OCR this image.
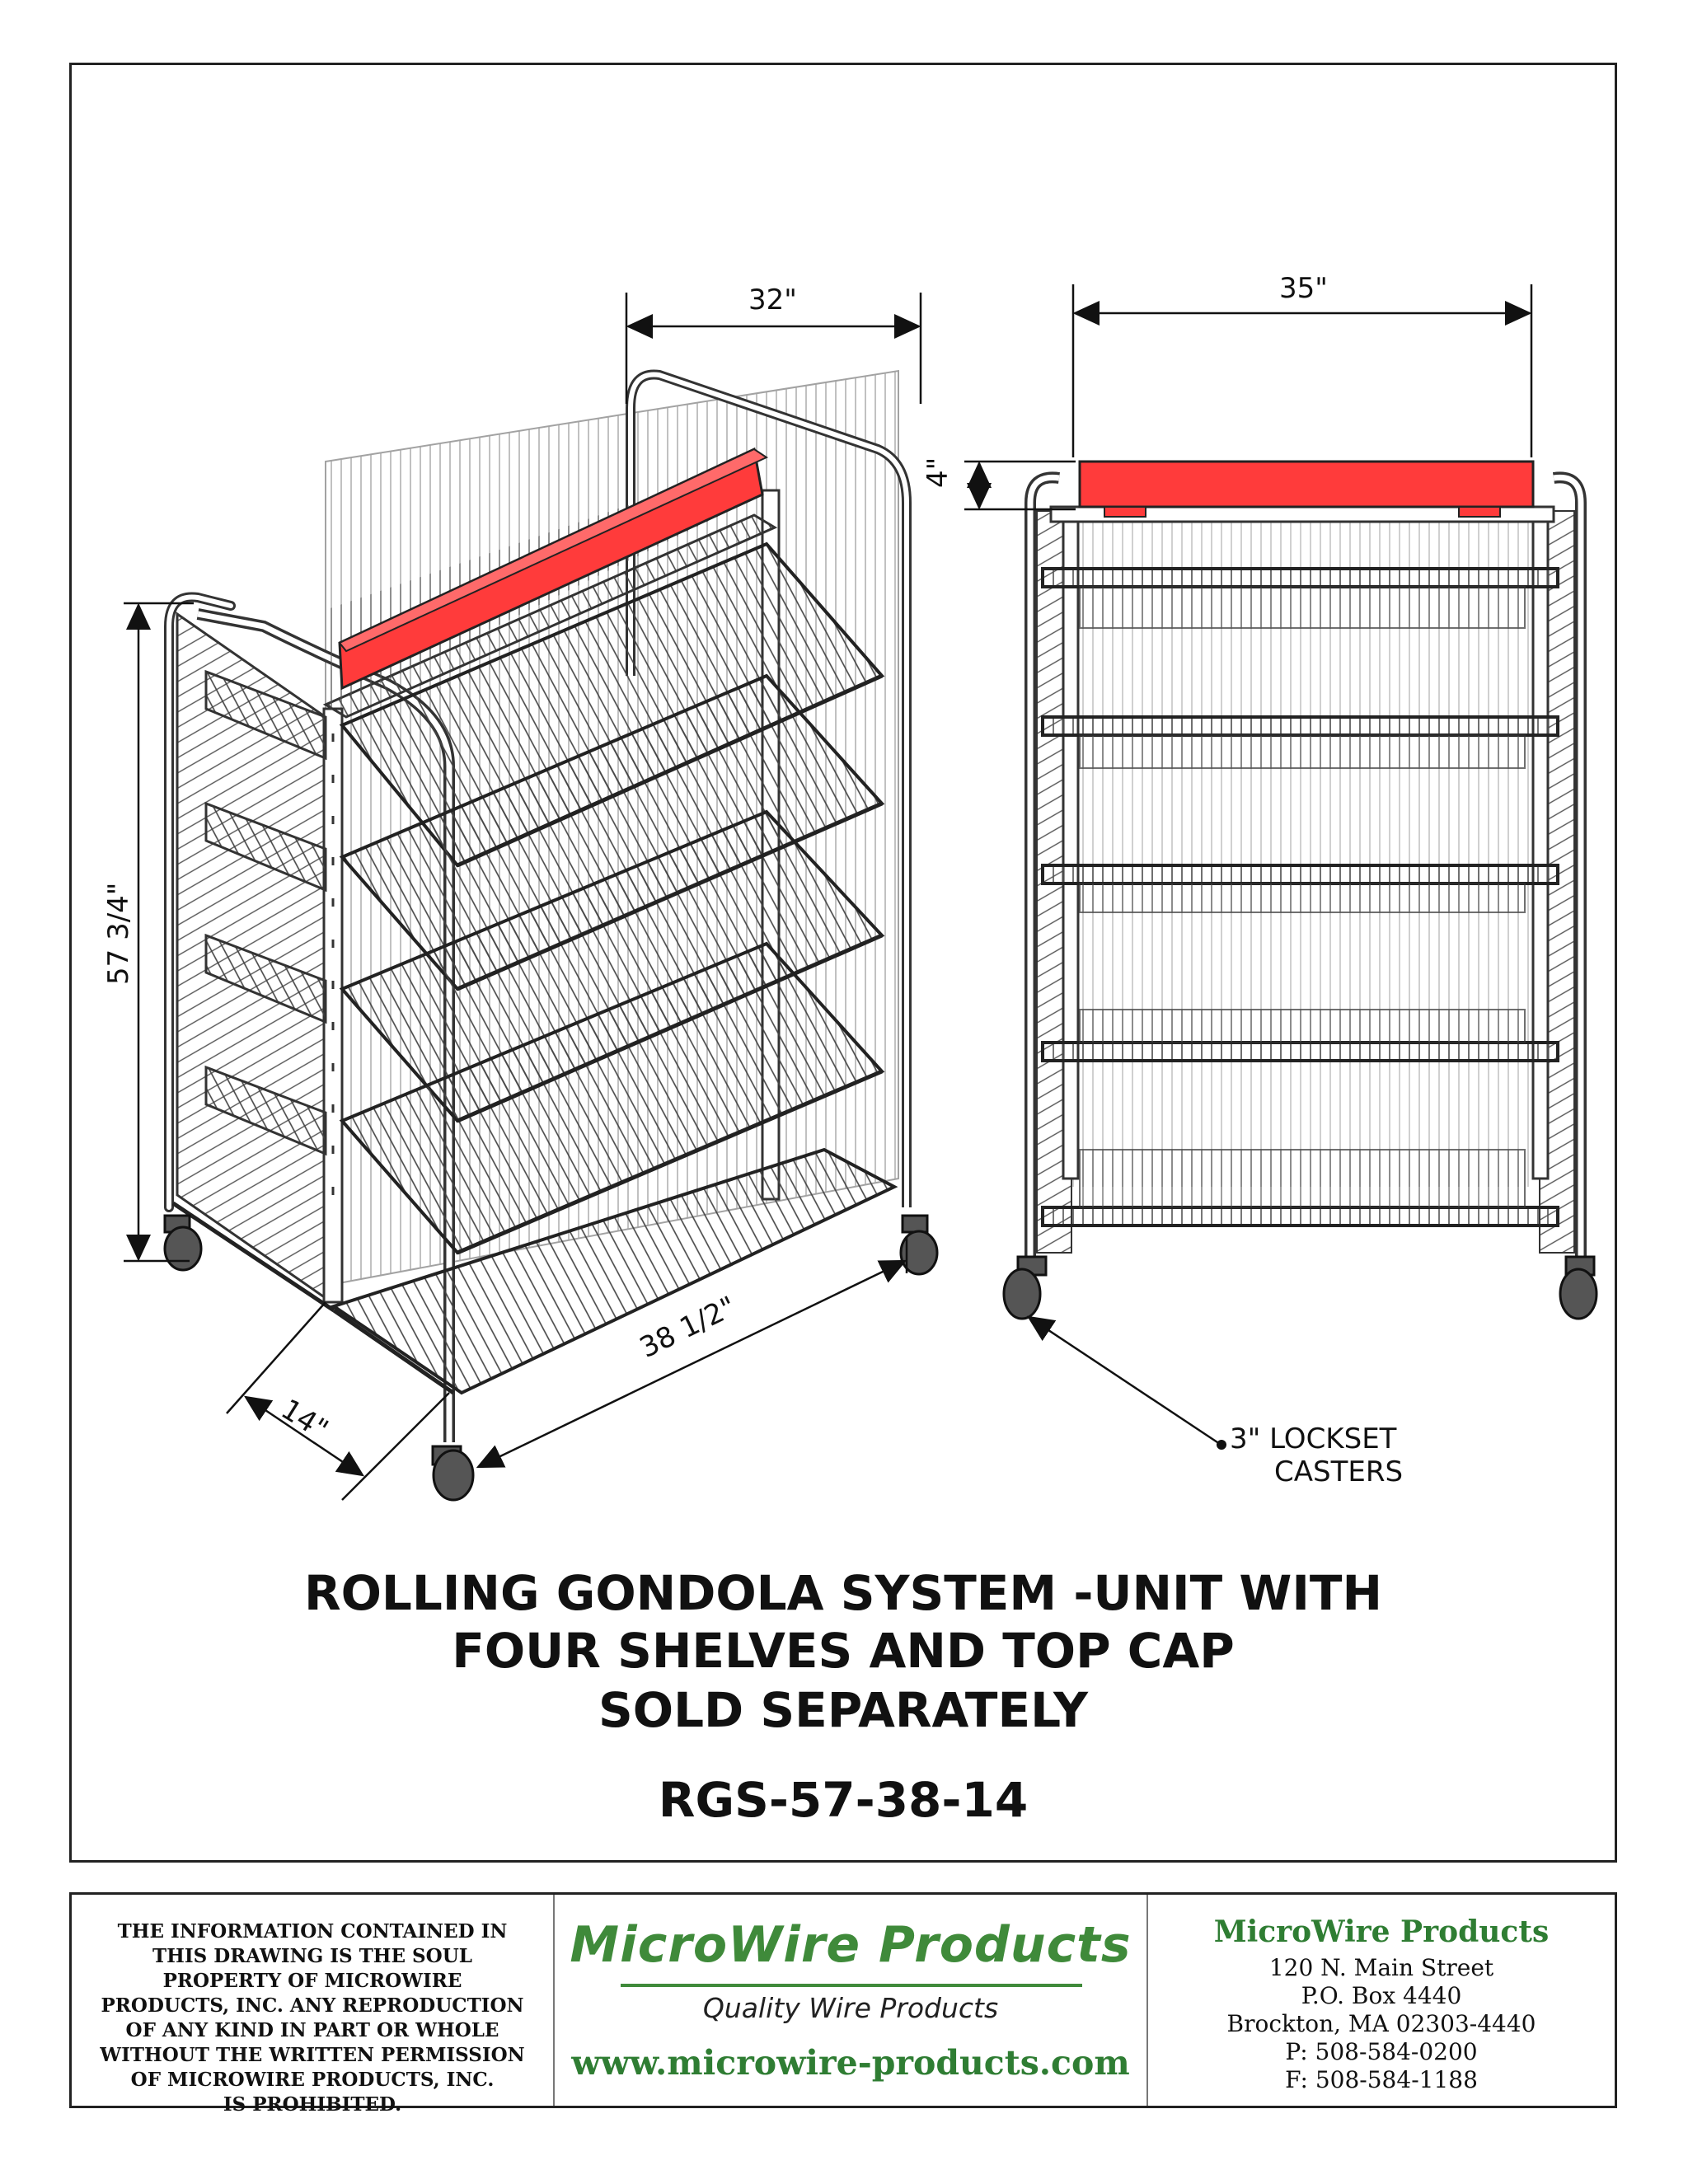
32"	35"
4"
57 3/4"
38 1/2"
14"	3" LOCKSET
CASTERS
ROLLING GONDOLA SYSTEM -UNIT WITH
FOUR SHELVES AND TOP CAP
SOLD SEPARATELY
RGS-57-38-14
THE INFORMATION CONTAINED IN
THIS DRAWING IS THE SOUL
PROPERTY OF MICROWIRE
PRODUCTS, INC. ANY REPRODUCTION
OF ANY KIND IN PART OR WHOLE
WITHOUT THE WRITTEN PERMISSION
OF MICROWIRE PRODUCTS, INC.
IS PROHIBITED.
MicroWire Products
Quality Wire Products
www.microwire-products.com
MicroWire Products
120 N. Main Street
P.O. Box 4440
Brockton, MA 02303-4440
P: 508-584-0200
F: 508-584-1188
